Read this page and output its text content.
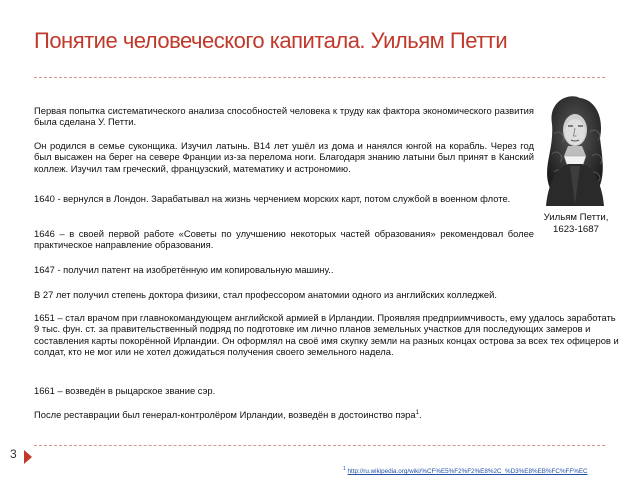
Понятие человеческого капитала. Уильям Петти

Первая попытка систематического анализа способностей человека к труду как фактора экономического развития была сделана У. Петти.

Он родился в семье суконщика. Изучил латынь. В14 лет ушёл из дома и нанялся юнгой на корабль. Через год был высажен на берег на севере Франции из-за перелома ноги. Благодаря знанию латыни был принят в Канский коллеж. Изучил там греческий, французский, математику и астрономию.

1640 - вернулся в Лондон. Зарабатывал на жизнь черчением морских карт, потом службой в военном флоте.

1646 – в своей первой работе «Советы по улучшению некоторых частей образования» рекомендовал более практическое направление образования.

1647 - получил патент на изобретённую им копировальную машину..

В 27 лет получил степень доктора физики, стал профессором анатомии одного из английских колледжей.

1651 – стал врачом при главнокомандующем английской армией в Ирландии. Проявляя предприимчивость, ему удалось заработать 9 тыс. фун. ст. за правительственный подряд по подготовке им лично планов земельных участков для последующих замеров и составления карты покорённой Ирландии. Он оформлял на своё имя скупку земли на разных концах острова за всех тех офицеров и солдат, кто не мог или не хотел дожидаться получения своего земельного надела.

1661 – возведён в рыцарское звание сэр.

После реставрации был генерал-контролёром Ирландии, возведён в достоинство пэра$^1$.

Уильям Петти,
1623-1687
3
$^1$ http://ru.wikipedia.org/wiki/%CF%E5%F2%F2%E8%2C_%D3%E8%EB%FC%FF%EC
